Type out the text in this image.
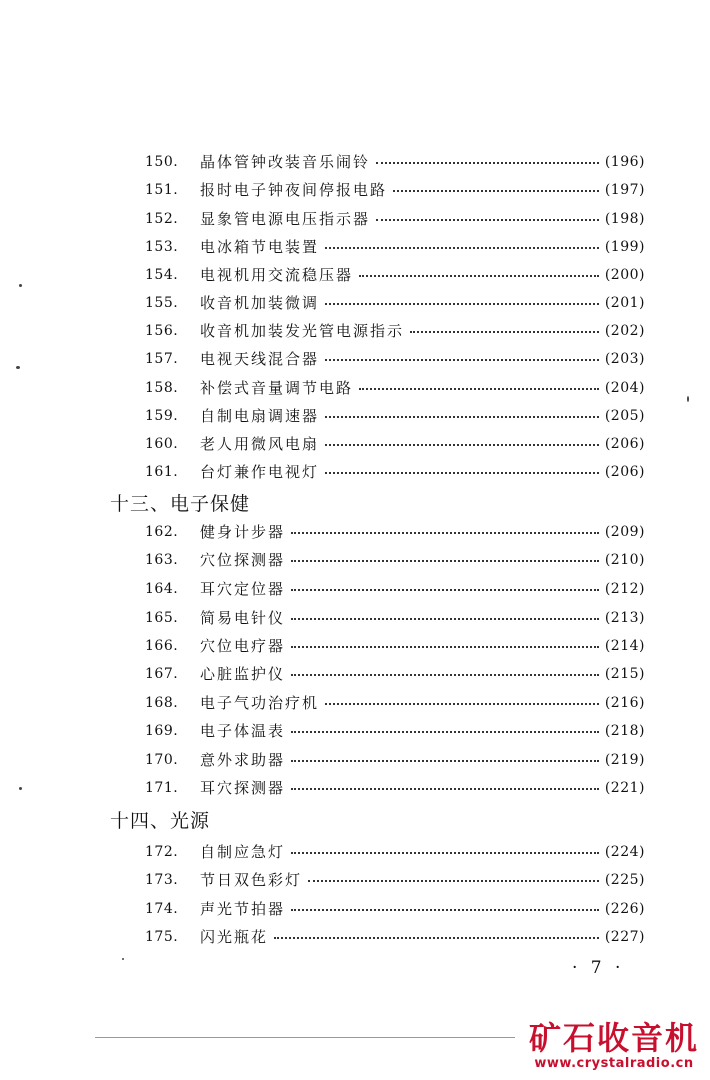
150.	晶体管钟改装音乐闹铃	(196)
151.	报时电子钟夜间停报电路	(197)
152.	显象管电源电压指示器	(198)
153.	电冰箱节电装置	(199)
154.	电视机用交流稳压器	(200)
155.	收音机加装微调	(201)
156.	收音机加装发光管电源指示	(202)
157.	电视天线混合器	(203)
158.	补偿式音量调节电路	(204)
159.	自制电扇调速器	(205)
160.	老人用微风电扇	(206)
161.	台灯兼作电视灯	(206)
十三、电子保健
162.	健身计步器	(209)
163.	穴位探测器	(210)
164.	耳穴定位器	(212)
165.	简易电针仪	(213)
166.	穴位电疗器	(214)
167.	心脏监护仪	(215)
168.	电子气功治疗机	(216)
169.	电子体温表	(218)
170.	意外求助器	(219)
171.	耳穴探测器	(221)
十四、光源
172.	自制应急灯	(224)
173.	节日双色彩灯	(225)
174.	声光节拍器	(226)
175.	闪光瓶花	(227)
· 7 ·
矿石收音机
www.crystalradio.cn
